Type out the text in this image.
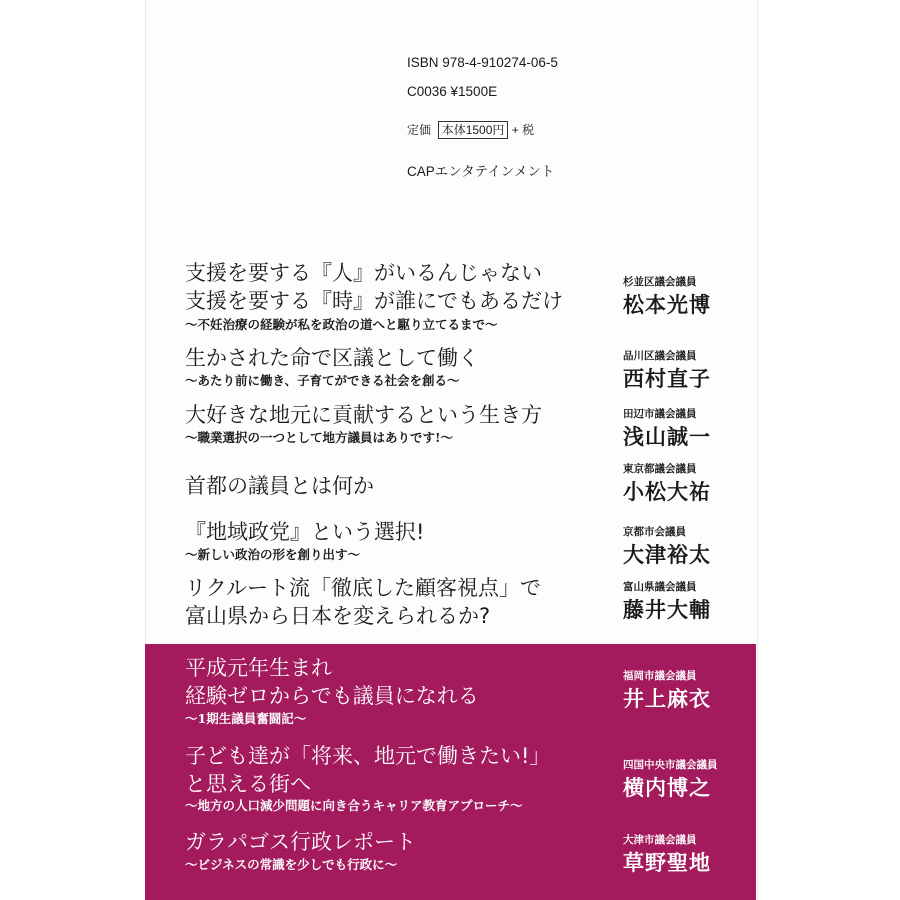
ISBN 978-4-910274-06-5
C0036 ¥1500E
定価 本体1500円 + 税
CAPエンタテインメント
支援を要する『人』がいるんじゃない
支援を要する『時』が誰にでもあるだけ
〜不妊治療の経験が私を政治の道へと駆り立てるまで〜
杉並区議会議員
松本光博
生かされた命で区議として働く
〜あたり前に働き、子育てができる社会を創る〜
品川区議会議員
西村直子
大好きな地元に貢献するという生き方
〜職業選択の一つとして地方議員はありです!〜
田辺市議会議員
浅山誠一
首都の議員とは何か
東京都議会議員
小松大祐
『地域政党』という選択!
〜新しい政治の形を創り出す〜
京都市会議員
大津裕太
リクルート流「徹底した顧客視点」で
富山県から日本を変えられるか?
富山県議会議員
藤井大輔
平成元年生まれ
経験ゼロからでも議員になれる
〜1期生議員奮闘記〜
福岡市議会議員
井上麻衣
子ども達が「将来、地元で働きたい!」
と思える街へ
〜地方の人口減少問題に向き合うキャリア教育アプローチ〜
四国中央市議会議員
横内博之
ガラパゴス行政レポート
〜ビジネスの常識を少しでも行政に〜
大津市議会議員
草野聖地
